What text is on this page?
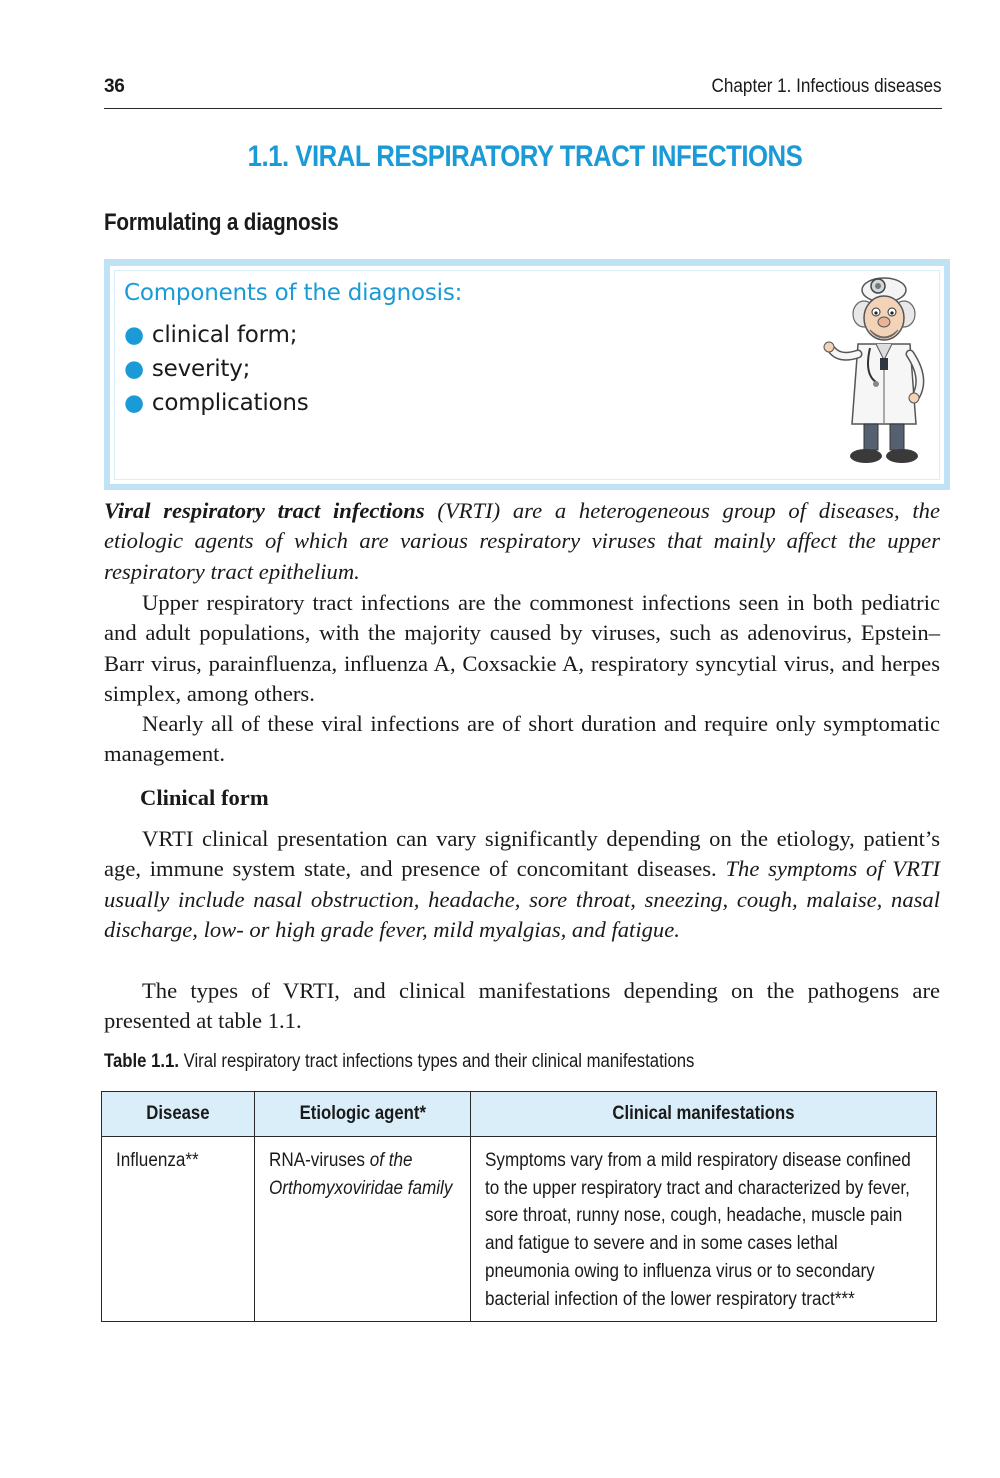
36	Chapter 1. Infectious diseases
1.1. VIRAL RESPIRATORY TRACT INFECTIONS
Formulating a diagnosis
Components of the diagnosis:
● clinical form;
● severity;
● complications

Viral respiratory tract infections (VRTI) are a heterogeneous group of diseases, the etiologic agents of which are various respiratory viruses that mainly affect the upper respiratory tract epithelium.

Upper respiratory tract infections are the commonest infections seen in both pediatric and adult populations, with the majority caused by viruses, such as adenovirus, Epstein–Barr virus, parainfluenza, influenza A, Coxsackie A, respiratory syncytial virus, and herpes simplex, among others.

Nearly all of these viral infections are of short duration and require only symptomatic management.

Clinical form

VRTI clinical presentation can vary significantly depending on the etiology, patient’s age, immune system state, and presence of concomitant diseases. The symptoms of VRTI usually include nasal obstruction, headache, sore throat, sneezing, cough, malaise, nasal discharge, low- or high grade fever, mild myalgias, and fatigue.

The types of VRTI, and clinical manifestations depending on the pathogens are presented at table 1.1.

Table 1.1. Viral respiratory tract infections types and their clinical manifestations
Disease	Etiologic agent*	Clinical manifestations

Influenza**	RNA-viruses of the Orthomyxoviridae family	Symptoms vary from a mild respiratory disease confined to the upper respiratory tract and characterized by fever, sore throat, runny nose, cough, headache, muscle pain and fatigue to severe and in some cases lethal pneumonia owing to influenza virus or to secondary bacterial infection of the lower respiratory tract***
